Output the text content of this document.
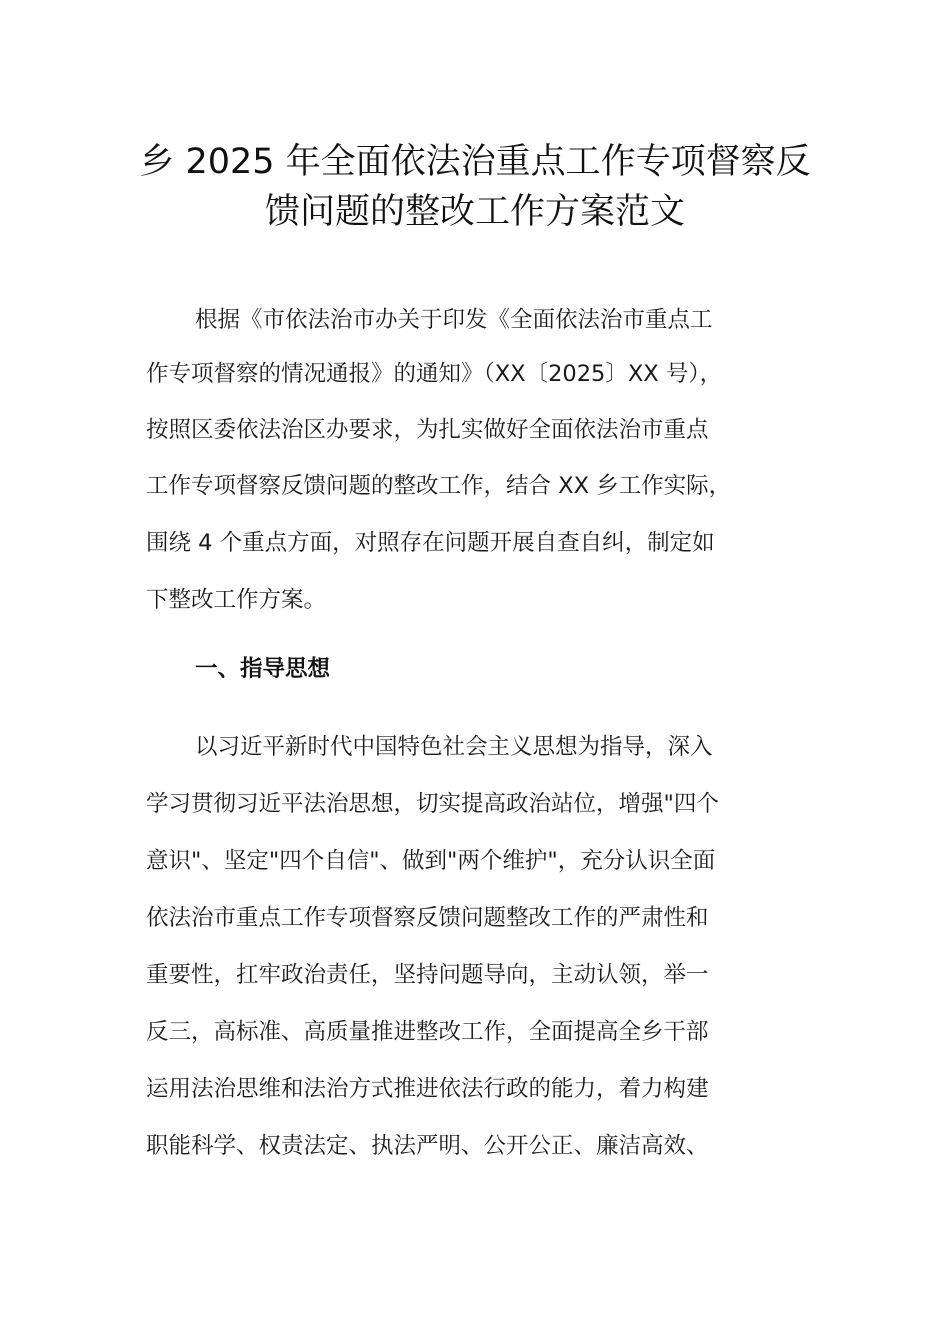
乡 2025 年全面依法治重点工作专项督察反
馈问题的整改工作方案范文
根据《市依法治市办关于印发《全面依法治市重点工
作专项督察的情况通报》的通知》（XX〔2025〕XX 号），
按照区委依法治区办要求，为扎实做好全面依法治市重点
工作专项督察反馈问题的整改工作，结合 XX 乡工作实际，
围绕 4 个重点方面，对照存在问题开展自查自纠，制定如
下整改工作方案。
一、指导思想
以习近平新时代中国特色社会主义思想为指导，深入
学习贯彻习近平法治思想，切实提高政治站位，增强"四个
意识"、坚定"四个自信"、做到"两个维护"，充分认识全面
依法治市重点工作专项督察反馈问题整改工作的严肃性和
重要性，扛牢政治责任，坚持问题导向，主动认领，举一
反三，高标准、高质量推进整改工作，全面提高全乡干部
运用法治思维和法治方式推进依法行政的能力，着力构建
职能科学、权责法定、执法严明、公开公正、廉洁高效、
